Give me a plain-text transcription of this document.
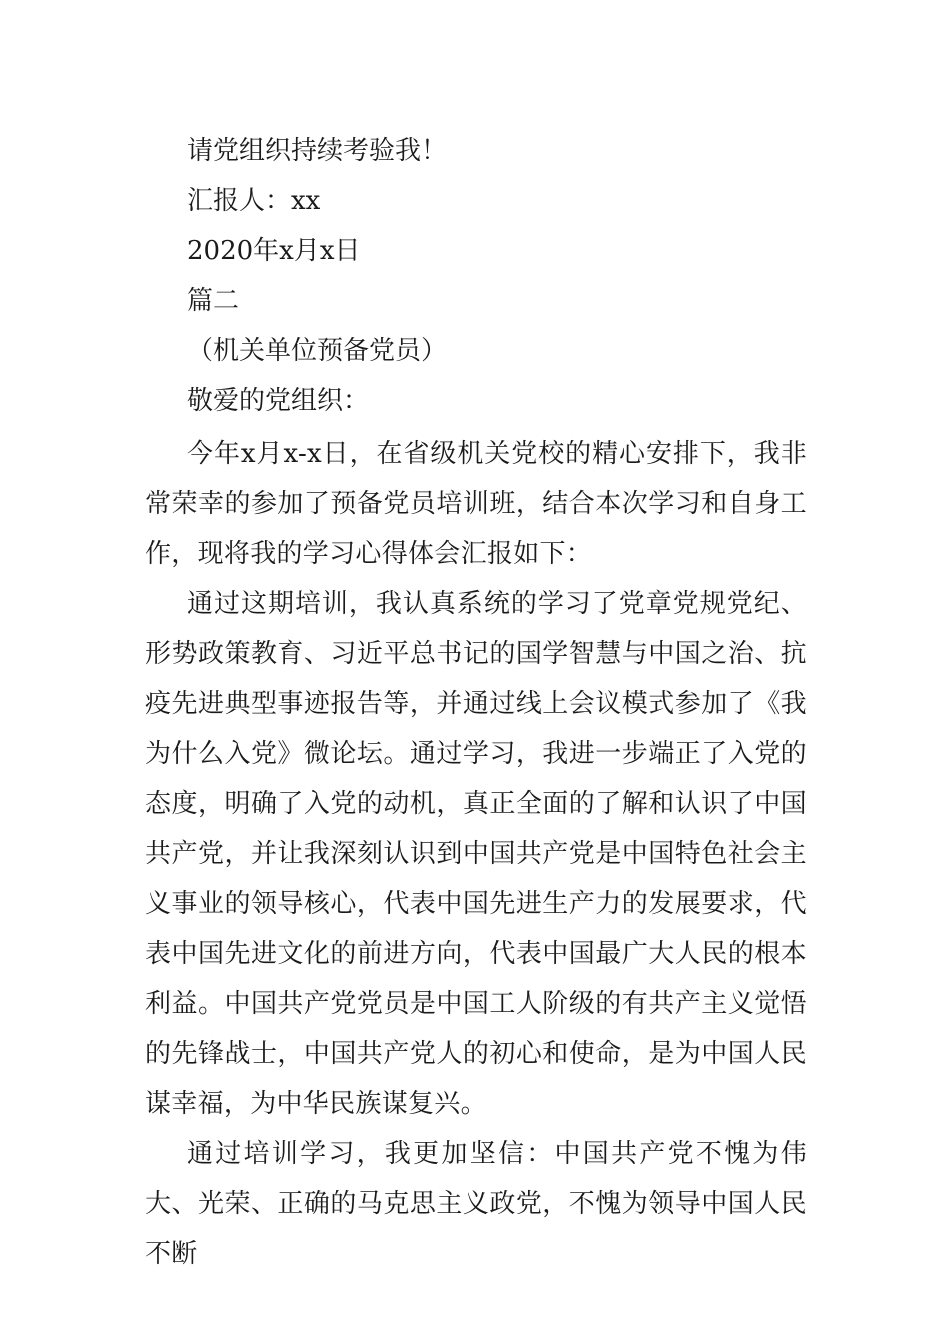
请党组织持续考验我！

汇报人：xx

2020年x月x日

篇二

（机关单位预备党员）

敬爱的党组织：

今年x月x-x日，在省级机关党校的精心安排下，我非常荣幸的参加了预备党员培训班，结合本次学习和自身工作，现将我的学习心得体会汇报如下：

通过这期培训，我认真系统的学习了党章党规党纪、形势政策教育、习近平总书记的国学智慧与中国之治、抗疫先进典型事迹报告等，并通过线上会议模式参加了《我为什么入党》微论坛。通过学习，我进一步端正了入党的态度，明确了入党的动机，真正全面的了解和认识了中国共产党，并让我深刻认识到中国共产党是中国特色社会主义事业的领导核心，代表中国先进生产力的发展要求，代表中国先进文化的前进方向，代表中国最广大人民的根本利益。中国共产党党员是中国工人阶级的有共产主义觉悟的先锋战士，中国共产党人的初心和使命，是为中国人民谋幸福，为中华民族谋复兴。

通过培训学习，我更加坚信：中国共产党不愧为伟大、光荣、正确的马克思主义政党，不愧为领导中国人民不断
